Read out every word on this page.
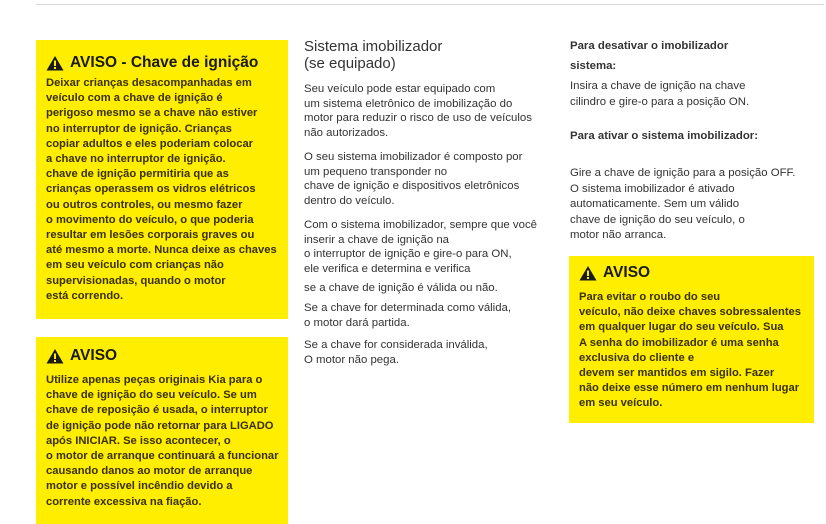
AVISO - Chave de ignição
Deixar crianças desacompanhadas em
veículo com a chave de ignição é
perigoso mesmo se a chave não estiver
no interruptor de ignição. Crianças
copiar adultos e eles poderiam colocar
a chave no interruptor de ignição.
chave de ignição permitiria que as
crianças operassem os vidros elétricos
ou outros controles, ou mesmo fazer
o movimento do veículo, o que poderia
resultar em lesões corporais graves ou
até mesmo a morte. Nunca deixe as chaves
em seu veículo com crianças não
supervisionadas, quando o motor
está correndo.
AVISO
Utilize apenas peças originais Kia para o
chave de ignição do seu veículo. Se um
chave de reposição é usada, o interruptor
de ignição pode não retornar para LIGADO
após INICIAR. Se isso acontecer, o
o motor de arranque continuará a funcionar
causando danos ao motor de arranque
motor e possível incêndio devido a
corrente excessiva na fiação.
Sistema imobilizador
(se equipado)
Seu veículo pode estar equipado com
um sistema eletrônico de imobilização do
motor para reduzir o risco de uso de veículos
não autorizados.
O seu sistema imobilizador é composto por
um pequeno transponder no
chave de ignição e dispositivos eletrônicos
dentro do veículo.
Com o sistema imobilizador, sempre que você
inserir a chave de ignição na
o interruptor de ignição e gire-o para ON,
ele verifica e determina e verifica
se a chave de ignição é válida ou não.
Se a chave for determinada como válida,
o motor dará partida.
Se a chave for considerada inválida,
O motor não pega.
Para desativar o imobilizador
sistema:
Insira a chave de ignição na chave
cilindro e gire-o para a posição ON.
Para ativar o sistema imobilizador:
Gire a chave de ignição para a posição OFF.
O sistema imobilizador é ativado
automaticamente. Sem um válido
chave de ignição do seu veículo, o
motor não arranca.
AVISO
Para evitar o roubo do seu
veículo, não deixe chaves sobressalentes
em qualquer lugar do seu veículo. Sua
A senha do imobilizador é uma senha
exclusiva do cliente e
devem ser mantidos em sigilo. Fazer
não deixe esse número em nenhum lugar
em seu veículo.
